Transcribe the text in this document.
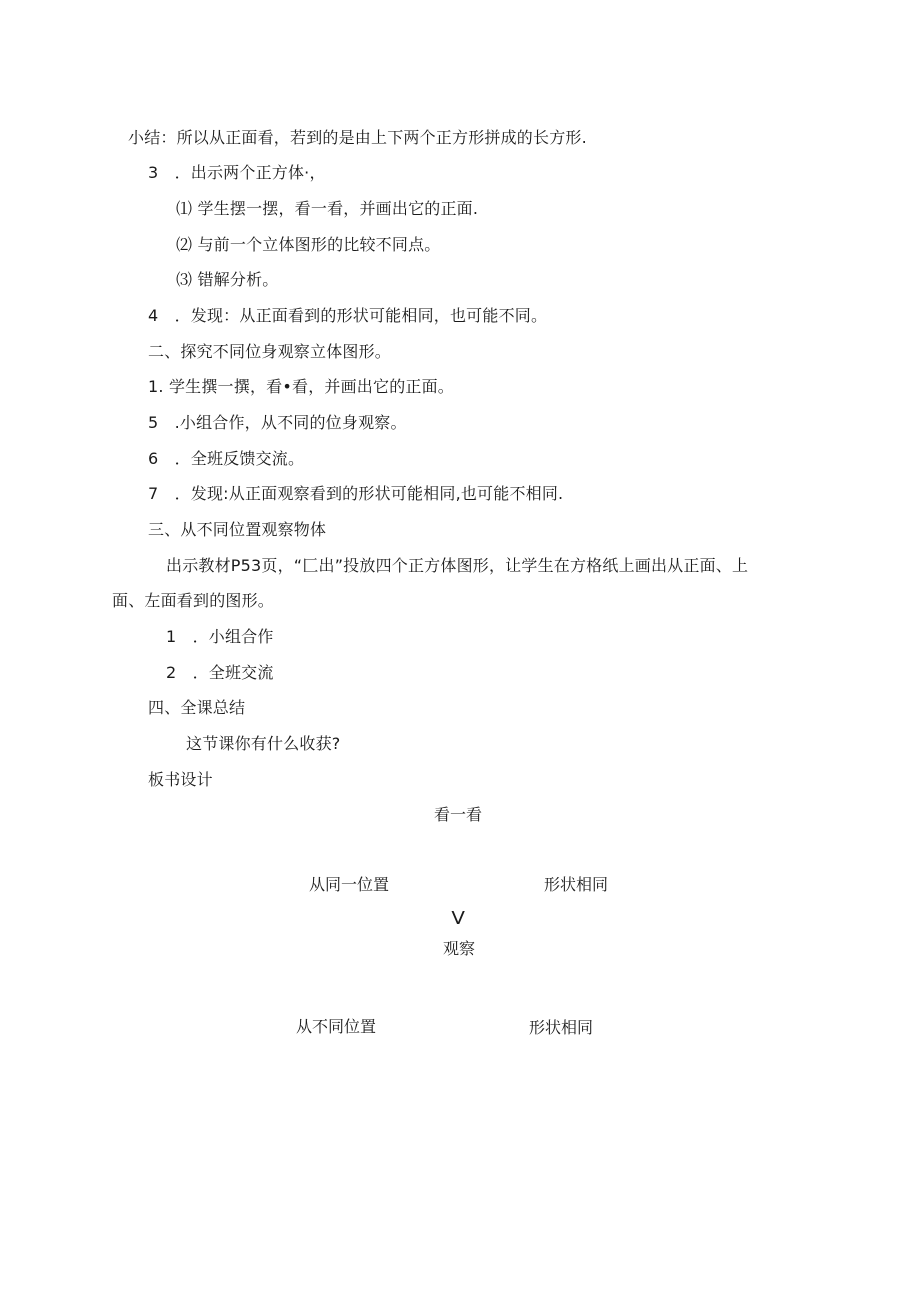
小结：所以从正面看，若到的是由上下两个正方形拼成的长方形.
3　．出示两个正方体·，
⑴ 学生摆一摆，看一看，并画出它的正面.
⑵ 与前一个立体图形的比较不同点。
⑶ 错解分析。
4　．发现：从正面看到的形状可能相同，也可能不同。
二、探究不同位身观察立体图形。
1. 学生撰一撰，看•看，并画出它的正面。
5　.小组合作，从不同的位身观察。
6　．全班反馈交流。
7　．发现:从正面观察看到的形状可能相同,也可能不相同.
三、从不同位置观察物体
出示教材P53页，“匚出”投放四个正方体图形，让学生在方格纸上画出从正面、上
面、左面看到的图形。
1　．小组合作
2　．全班交流
四、全课总结
这节课你有什么收获?
板书设计
看一看
从同一位置	形状相同
V
观察
从不同位置	形状相同
